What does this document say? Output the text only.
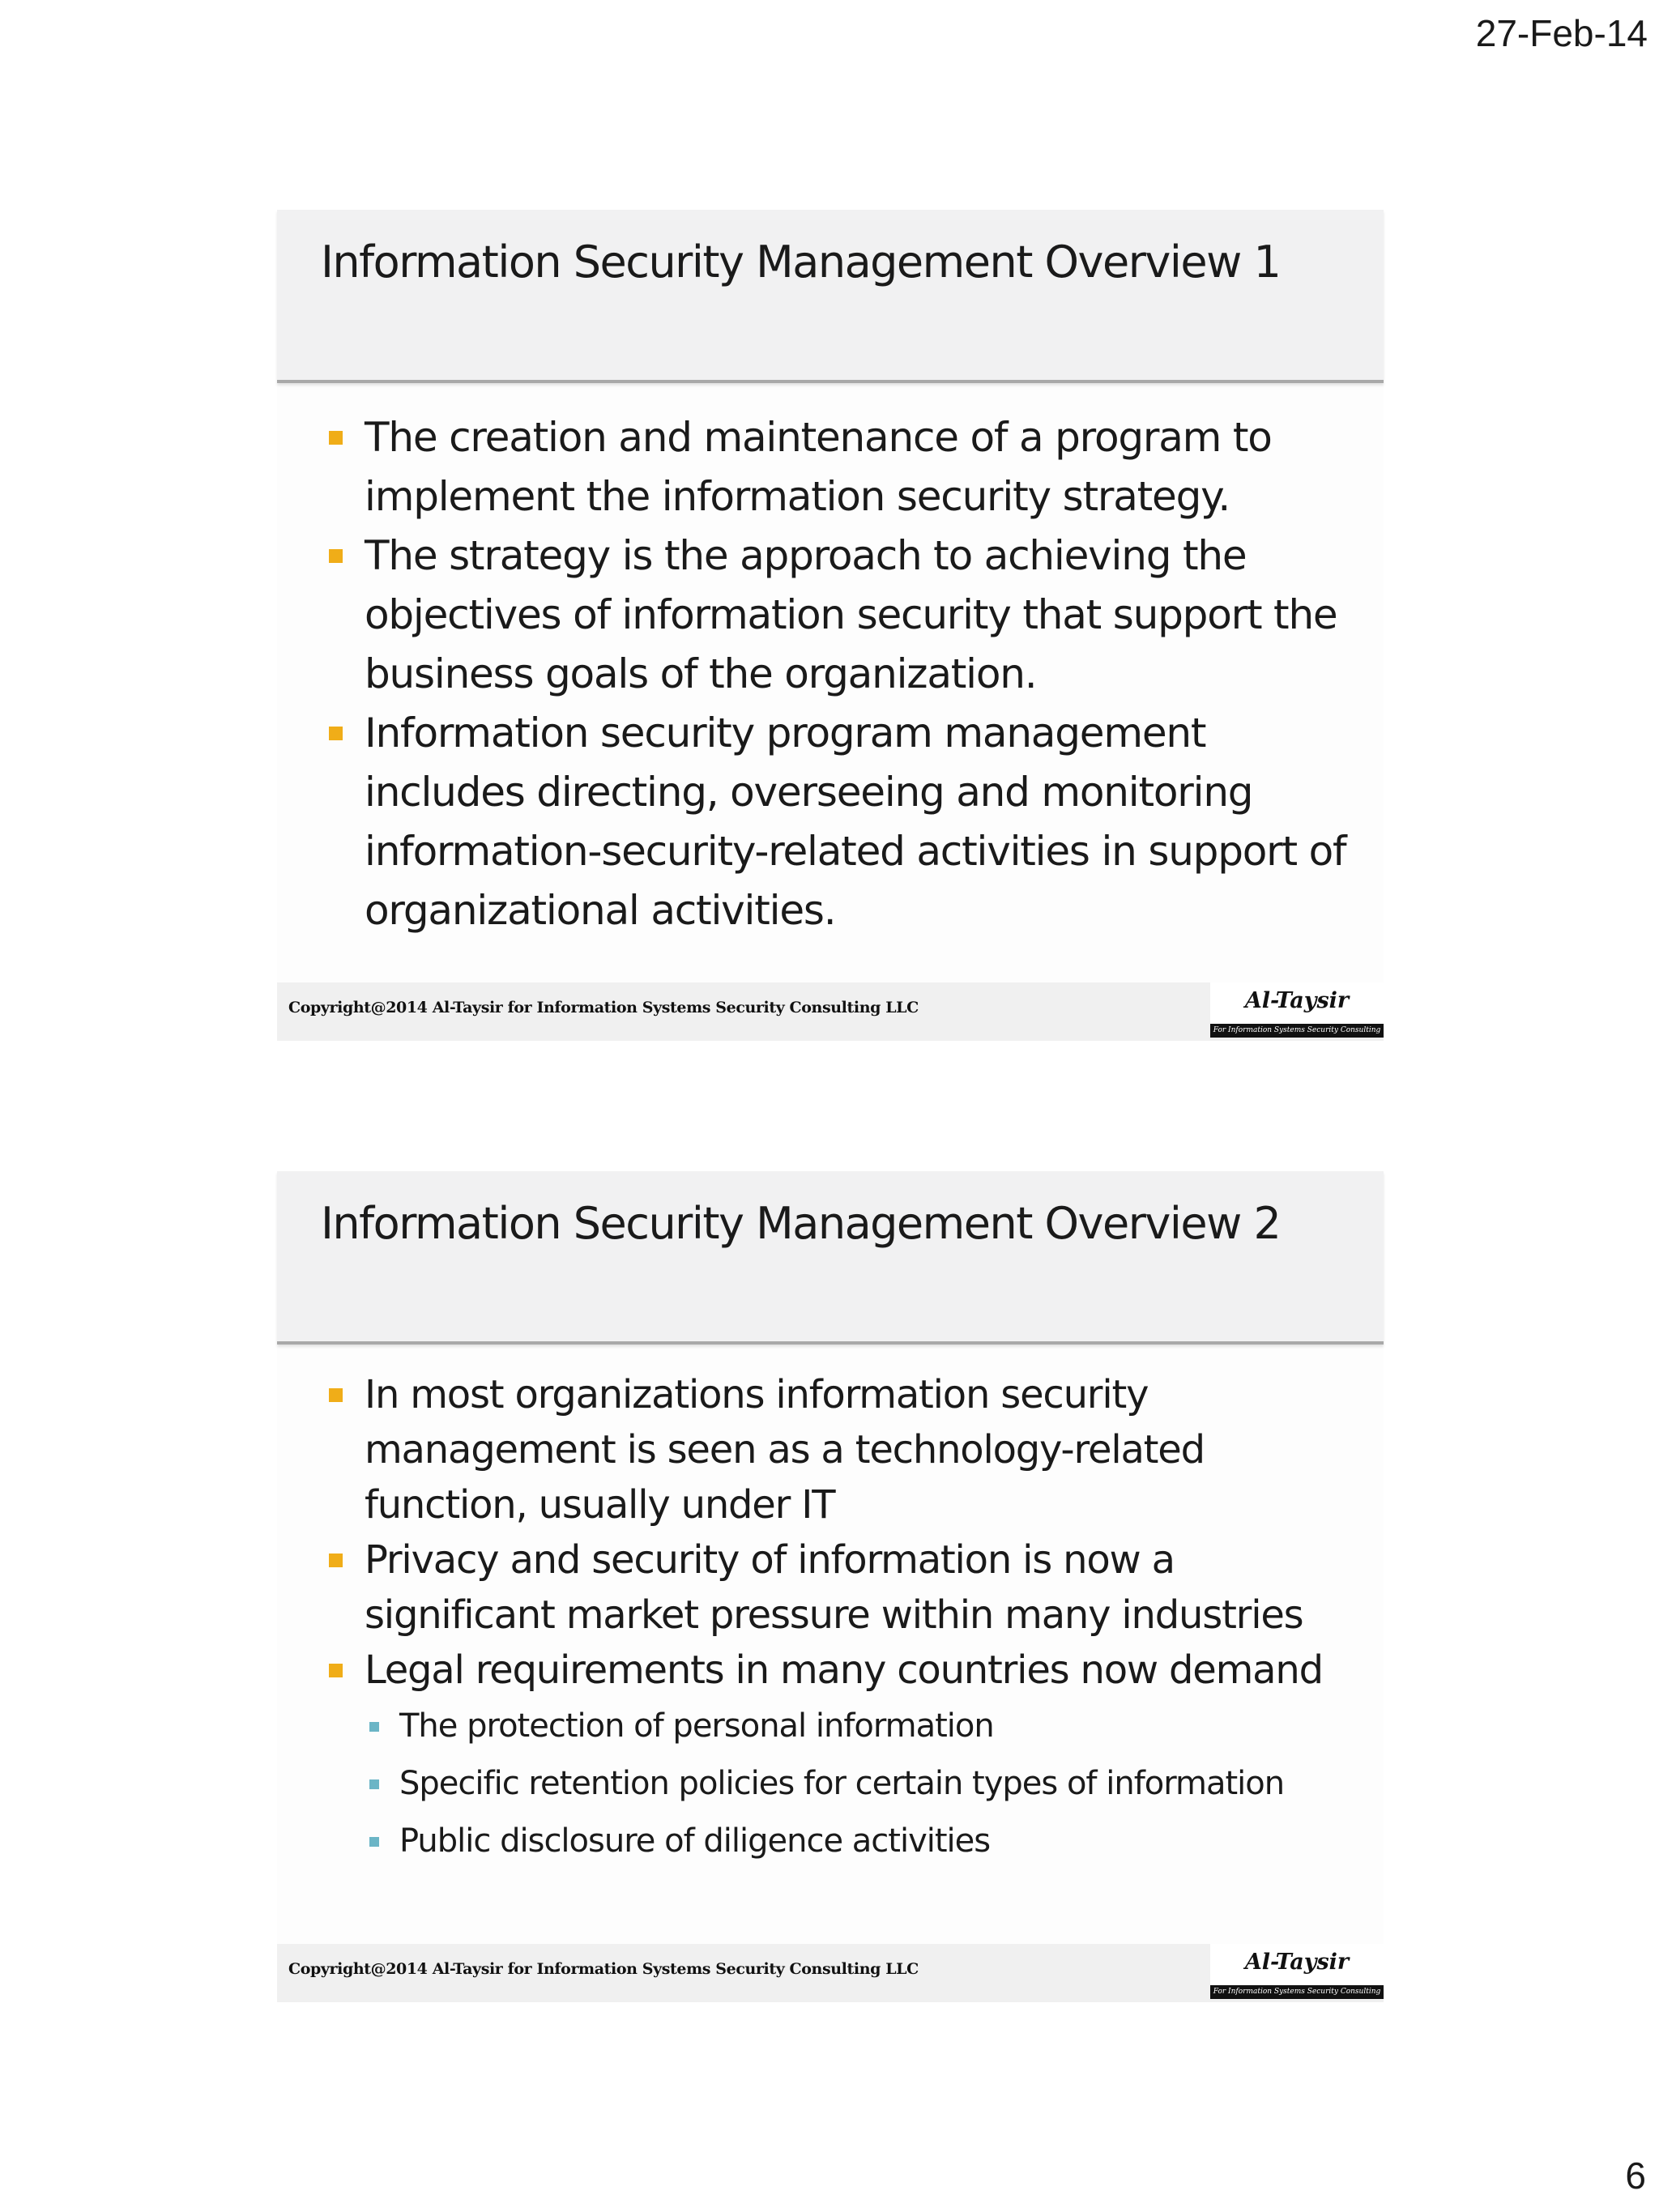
27-Feb-14
Information Security Management Overview 1
The creation and maintenance of a program to implement the information security strategy.
The strategy is the approach to achieving the objectives of information security that support the business goals of the organization.
Information security program management includes directing, overseeing and monitoring information-security-related activities in support of organizational activities.
Copyright@2014 Al-Taysir for Information Systems Security Consulting LLC	Al-Taysir
For Information Systems Security Consulting
Information Security Management Overview 2
In most organizations information security management is seen as a technology-related function, usually under IT
Privacy and security of information is now a significant market pressure within many industries
Legal requirements in many countries now demand
The protection of personal information
Specific retention policies for certain types of information
Public disclosure of diligence activities
Copyright@2014 Al-Taysir for Information Systems Security Consulting LLC	Al-Taysir
For Information Systems Security Consulting
6
